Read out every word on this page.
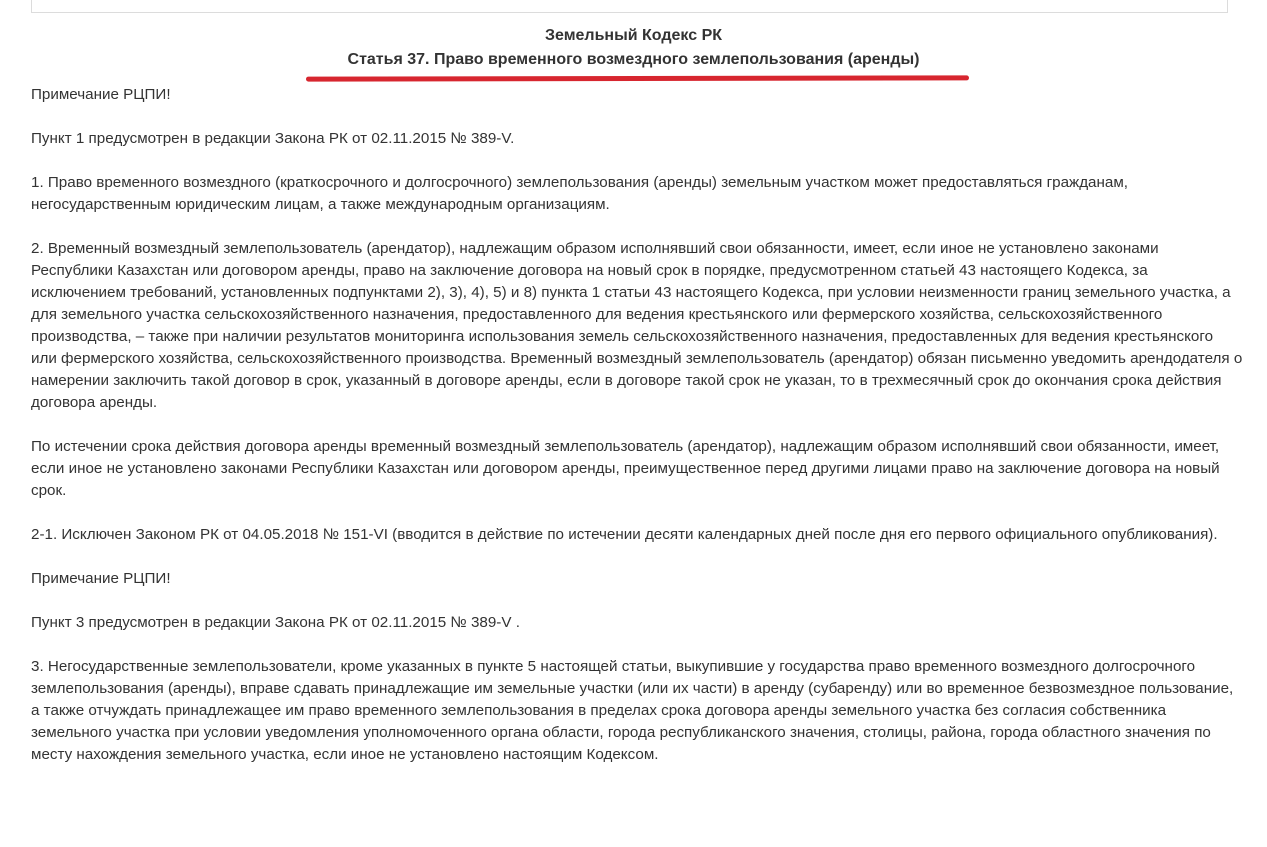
Земельный Кодекс РК
Статья 37. Право временного возмездного землепользования (аренды)

Примечание РЦПИ!

Пункт 1 предусмотрен в редакции Закона РК от 02.11.2015 № 389-V.

1. Право временного возмездного (краткосрочного и долгосрочного) землепользования (аренды) земельным участком может предоставляться гражданам, негосударственным юридическим лицам, а также международным организациям.

2. Временный возмездный землепользователь (арендатор), надлежащим образом исполнявший свои обязанности, имеет, если иное не установлено законами Республики Казахстан или договором аренды, право на заключение договора на новый срок в порядке, предусмотренном статьей 43 настоящего Кодекса, за исключением требований, установленных подпунктами 2), 3), 4), 5) и 8) пункта 1 статьи 43 настоящего Кодекса, при условии неизменности границ земельного участка, а для земельного участка сельскохозяйственного назначения, предоставленного для ведения крестьянского или фермерского хозяйства, сельскохозяйственного производства, – также при наличии результатов мониторинга использования земель сельскохозяйственного назначения, предоставленных для ведения крестьянского или фермерского хозяйства, сельскохозяйственного производства. Временный возмездный землепользователь (арендатор) обязан письменно уведомить арендодателя о намерении заключить такой договор в срок, указанный в договоре аренды, если в договоре такой срок не указан, то в трехмесячный срок до окончания срока действия договора аренды.

По истечении срока действия договора аренды временный возмездный землепользователь (арендатор), надлежащим образом исполнявший свои обязанности, имеет, если иное не установлено законами Республики Казахстан или договором аренды, преимущественное перед другими лицами право на заключение договора на новый срок.

2-1. Исключен Законом РК от 04.05.2018 № 151-VI (вводится в действие по истечении десяти календарных дней после дня его первого официального опубликования).

Примечание РЦПИ!

Пункт 3 предусмотрен в редакции Закона РК от 02.11.2015 № 389-V .

3. Негосударственные землепользователи, кроме указанных в пункте 5 настоящей статьи, выкупившие у государства право временного возмездного долгосрочного землепользования (аренды), вправе сдавать принадлежащие им земельные участки (или их части) в аренду (субаренду) или во временное безвозмездное пользование, а также отчуждать принадлежащее им право временного землепользования в пределах срока договора аренды земельного участка без согласия собственника земельного участка при условии уведомления уполномоченного органа области, города республиканского значения, столицы, района, города областного значения по месту нахождения земельного участка, если иное не установлено настоящим Кодексом.
